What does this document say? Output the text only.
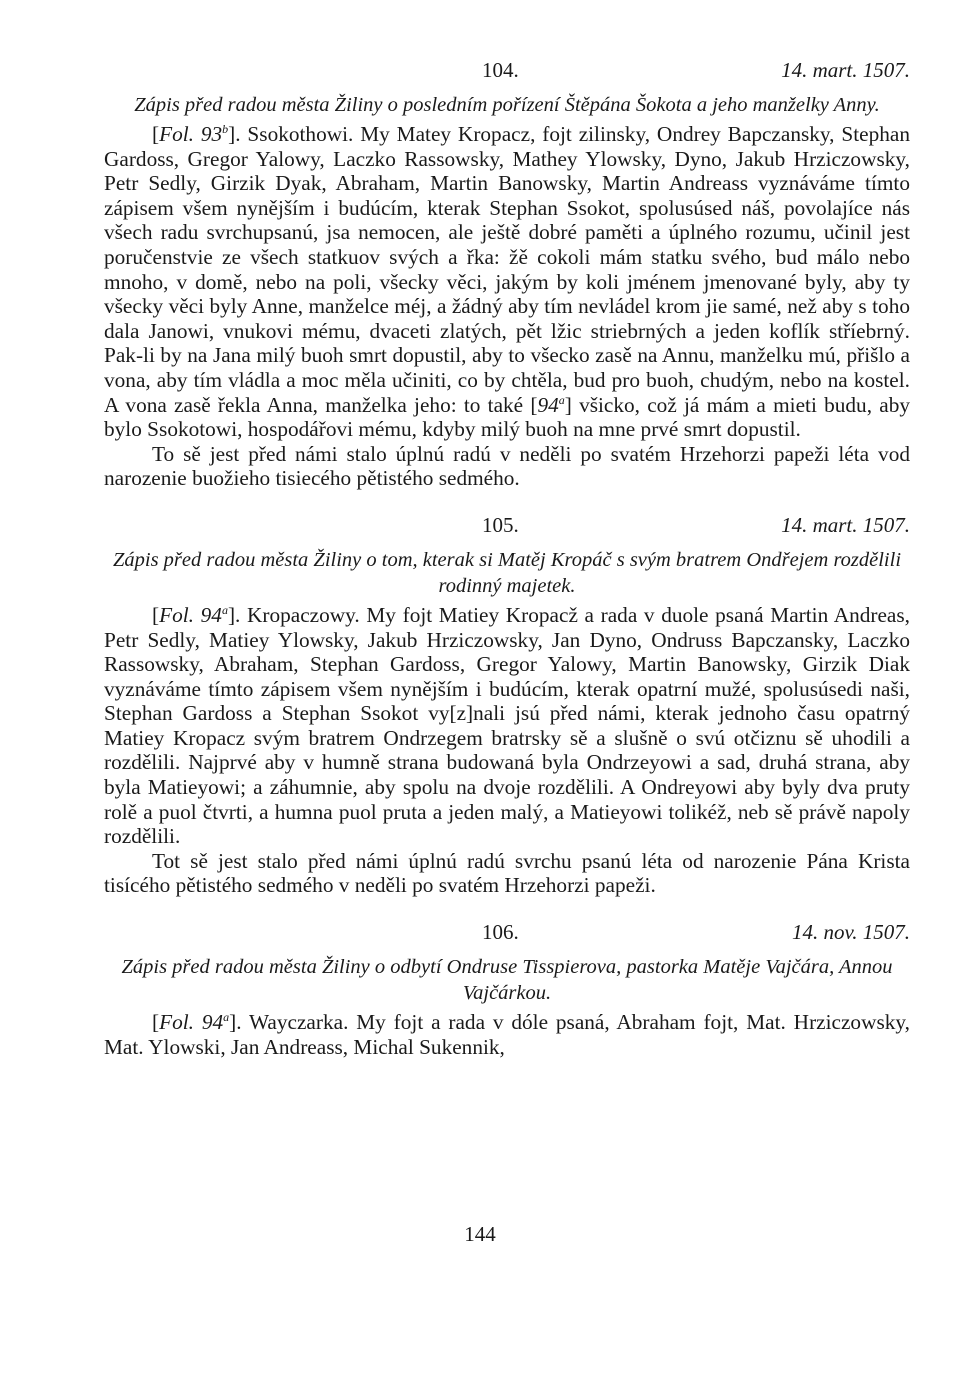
104.	14. mart. 1507.

Zápis před radou města Žiliny o posledním pořízení Štěpána Šokota a jeho manželky Anny.

[Fol. 93$^b$]. Ssokothowi. My Matey Kropacz, fojt zilinsky, Ondrey Bapczansky, Stephan Gardoss, Gregor Yalowy, Laczko Rassowsky, Mathey Ylowsky, Dyno, Jakub Hrziczowsky, Petr Sedly, Girzik Dyak, Abraham, Martin Banowsky, Martin Andreass vyznáváme tímto zápisem všem nynějším i budúcím, kterak Stephan Ssokot, spolusúsed náš, povolajíce nás všech radu svrchupsanú, jsa nemocen, ale ještě dobré paměti a úplného rozumu, učinil jest poručenstvie ze všech statkuov svých a řka: žě cokoli mám statku svého, bud málo nebo mnoho, v domě, nebo na poli, všecky věci, jakým by koli jménem jmenované byly, aby ty všecky věci byly Anne, manželce méj, a žádný aby tím nevládel krom jie samé, než aby s toho dala Janowi, vnukovi mému, dvaceti zlatých, pět lžic striebrných a jeden koflík stříebrný. Pak-li by na Jana milý buoh smrt dopustil, aby to všecko zasě na Annu, manželku mú, přišlo a vona, aby tím vládla a moc měla učiniti, co by chtěla, bud pro buoh, chudým, nebo na kostel. A vona zasě řekla Anna, manželka jeho: to také [94$^a$] všicko, což já mám a mieti budu, aby bylo Ssokotowi, hospodářovi mému, kdyby milý buoh na mne prvé smrt dopustil.

To sě jest před námi stalo úplnú radú v neděli po svatém Hrzehorzi papeži léta vod narozenie buožieho tisiecého pětistého sedmého.

105.	14. mart. 1507.

Zápis před radou města Žiliny o tom, kterak si Matěj Kropáč s svým bratrem Ondřejem rozdělili rodinný majetek.

[Fol. 94$^a$]. Kropaczowy. My fojt Matiey Kropacž a rada v duole psaná Martin Andreas, Petr Sedly, Matiey Ylowsky, Jakub Hrziczowsky, Jan Dyno, Ondruss Bapczansky, Laczko Rassowsky, Abraham, Stephan Gardoss, Gregor Yalowy, Martin Banowsky, Girzik Diak vyznáváme tímto zápisem všem nynějším i budúcím, kterak opatrní mužé, spolusúsedi naši, Stephan Gardoss a Stephan Ssokot vy[z]nali jsú před námi, kterak jednoho času opatrný Matiey Kropacz svým bratrem Ondrzegem bratrsky sě a slušně o svú otčiznu sě uhodili a rozdělili. Najprvé aby v humně strana budowaná byla Ondrzeyowi a sad, druhá strana, aby byla Matieyowi; a záhumnie, aby spolu na dvoje rozdělili. A Ondreyowi aby byly dva pruty rolě a puol čtvrti, a humna puol pruta a jeden malý, a Matieyowi tolikéž, neb sě právě napoly rozdělili.

Tot sě jest stalo před námi úplnú radú svrchu psanú léta od narozenie Pána Krista tisícého pětistého sedmého v neděli po svatém Hrzehorzi papeži.

106.	14. nov. 1507.

Zápis před radou města Žiliny o odbytí Ondruse Tisspierova, pastorka Matěje Vajčára, Annou Vajčárkou.

[Fol. 94$^a$]. Wayczarka. My fojt a rada v dóle psaná, Abraham fojt, Mat. Hrziczowsky, Mat. Ylowski, Jan Andreass, Michal Sukennik,

144
